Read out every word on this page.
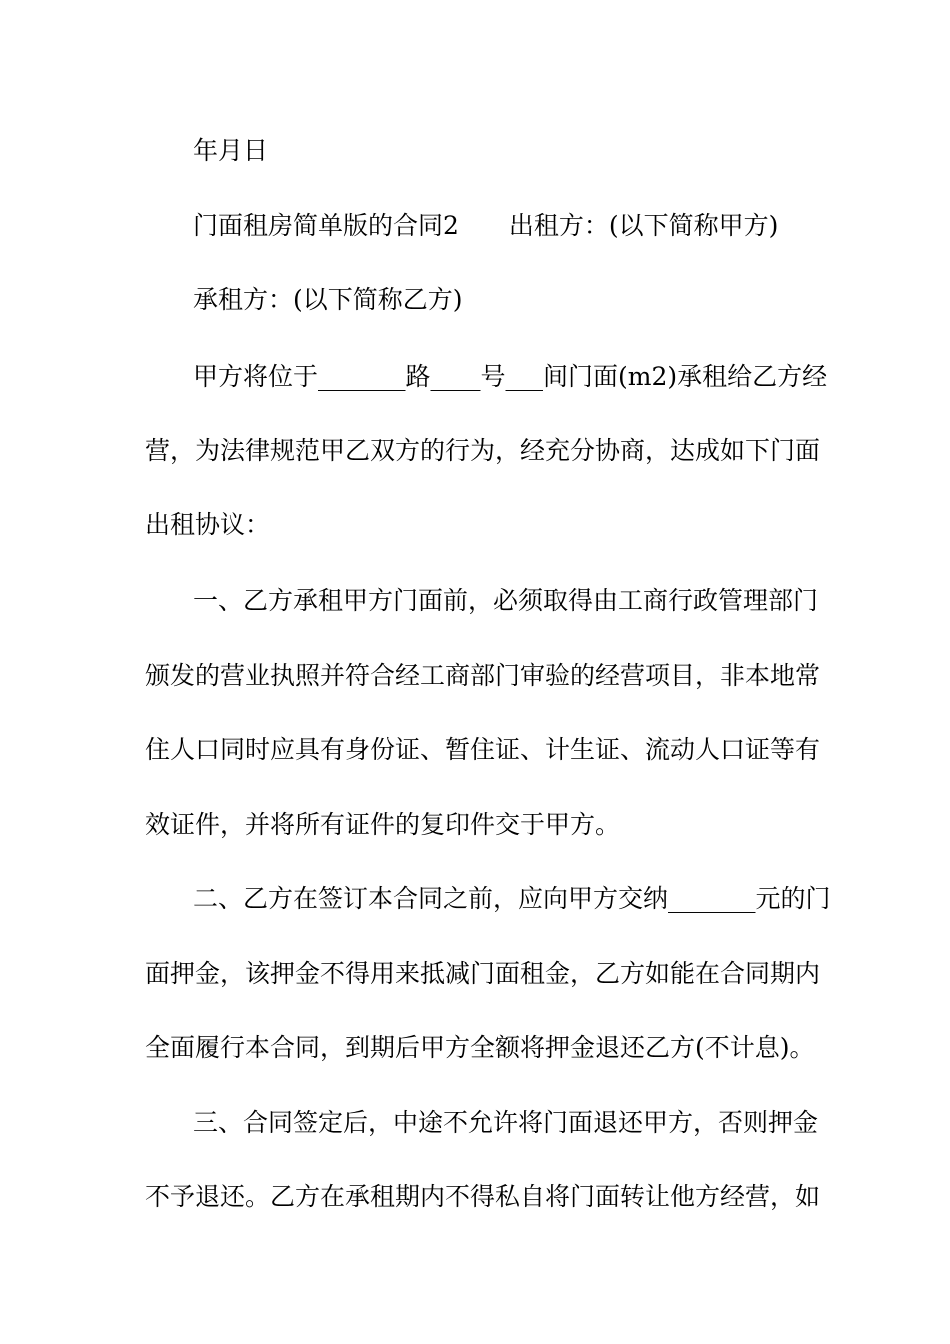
年月日
门面租房简单版的合同2　　出租方：(以下简称甲方)
承租方：(以下简称乙方)
甲方将位于_______路____号___间门面(m2)承租给乙方经
营，为法律规范甲乙双方的行为，经充分协商，达成如下门面
出租协议：
一、乙方承租甲方门面前，必须取得由工商行政管理部门
颁发的营业执照并符合经工商部门审验的经营项目，非本地常
住人口同时应具有身份证、暂住证、计生证、流动人口证等有
效证件，并将所有证件的复印件交于甲方。
二、乙方在签订本合同之前，应向甲方交纳_______元的门
面押金，该押金不得用来抵减门面租金，乙方如能在合同期内
全面履行本合同，到期后甲方全额将押金退还乙方(不计息)。
三、合同签定后，中途不允许将门面退还甲方，否则押金
不予退还。乙方在承租期内不得私自将门面转让他方经营，如
